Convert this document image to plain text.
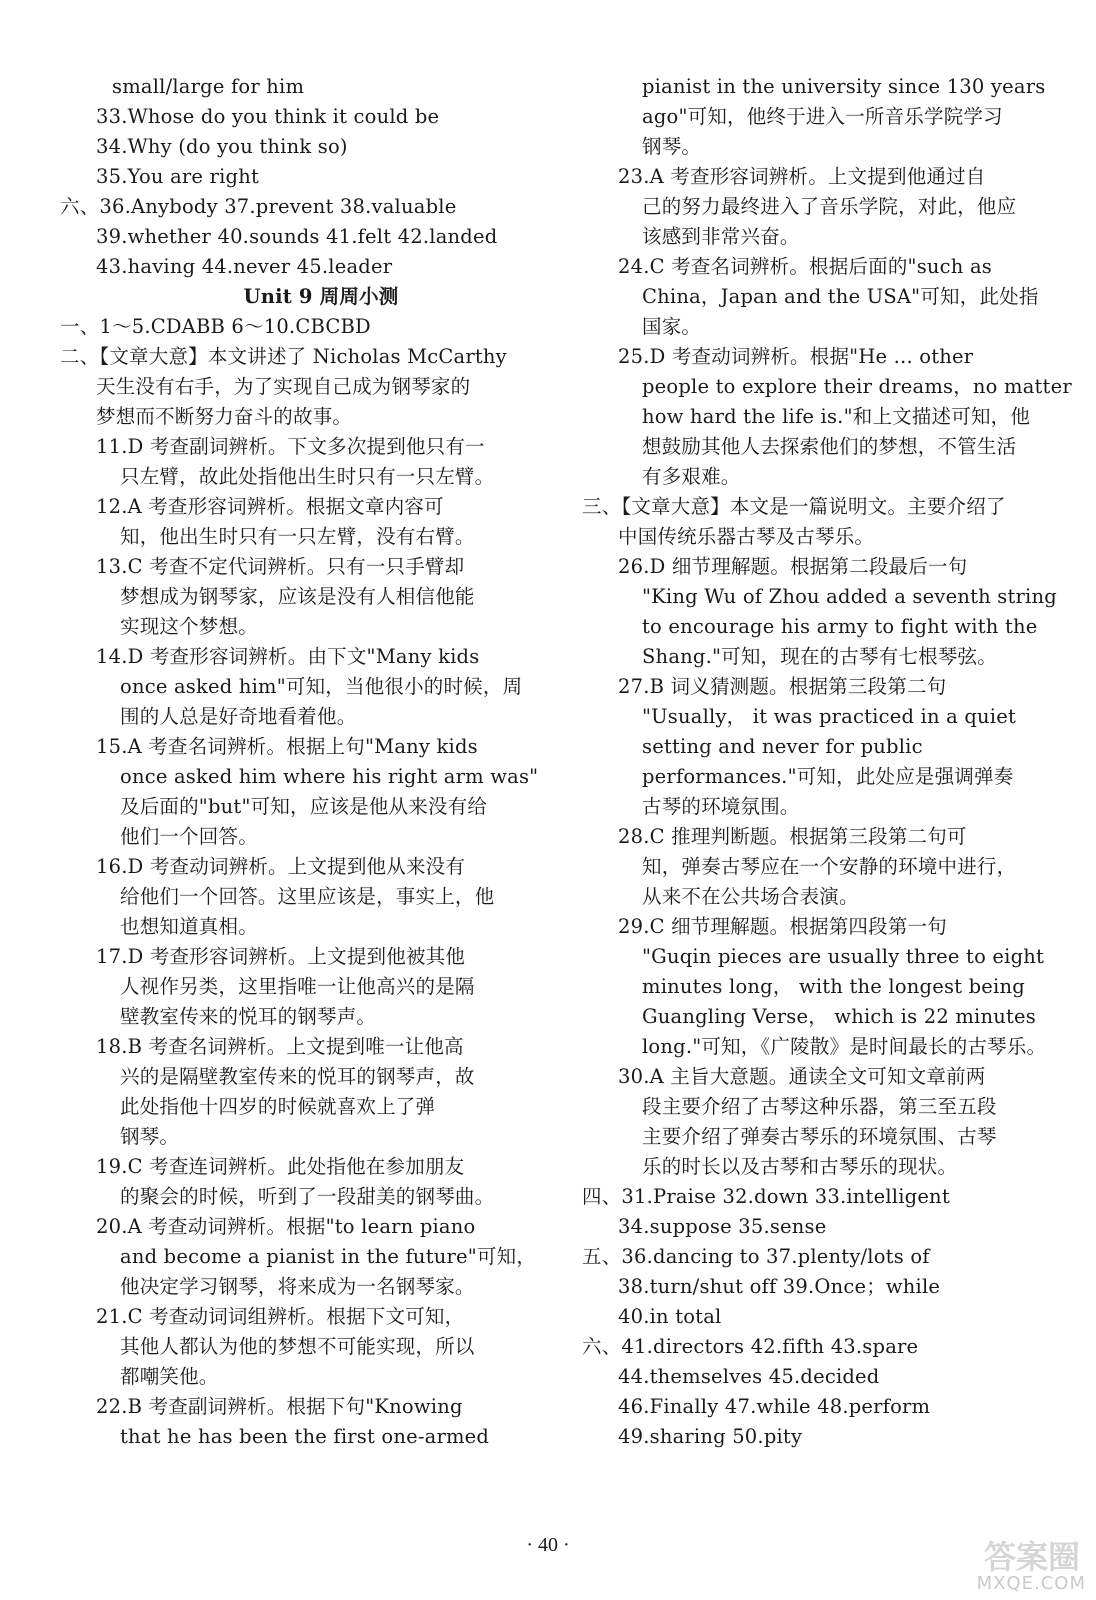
small/large for him
33.Whose do you think it could be
34.Why (do you think so)
35.You are right
六、36.Anybody 37.prevent 38.valuable
39.whether 40.sounds 41.felt 42.landed
43.having 44.never 45.leader
Unit 9 周周小测
一、1～5.CDABB 6～10.CBCBD
二、【文章大意】本文讲述了 Nicholas McCarthy
天生没有右手，为了实现自己成为钢琴家的
梦想而不断努力奋斗的故事。
11.D 考查副词辨析。下文多次提到他只有一
只左臂，故此处指他出生时只有一只左臂。
12.A 考查形容词辨析。根据文章内容可
知，他出生时只有一只左臂，没有右臂。
13.C 考查不定代词辨析。只有一只手臂却
梦想成为钢琴家，应该是没有人相信他能
实现这个梦想。
14.D 考查形容词辨析。由下文"Many kids
once asked him"可知，当他很小的时候，周
围的人总是好奇地看着他。
15.A 考查名词辨析。根据上句"Many kids
once asked him where his right arm was"
及后面的"but"可知，应该是他从来没有给
他们一个回答。
16.D 考查动词辨析。上文提到他从来没有
给他们一个回答。这里应该是，事实上，他
也想知道真相。
17.D 考查形容词辨析。上文提到他被其他
人视作另类，这里指唯一让他高兴的是隔
壁教室传来的悦耳的钢琴声。
18.B 考查名词辨析。上文提到唯一让他高
兴的是隔壁教室传来的悦耳的钢琴声，故
此处指他十四岁的时候就喜欢上了弹
钢琴。
19.C 考查连词辨析。此处指他在参加朋友
的聚会的时候，听到了一段甜美的钢琴曲。
20.A 考查动词辨析。根据"to learn piano
and become a pianist in the future"可知，
他决定学习钢琴，将来成为一名钢琴家。
21.C 考查动词词组辨析。根据下文可知，
其他人都认为他的梦想不可能实现，所以
都嘲笑他。
22.B 考查副词辨析。根据下句"Knowing
that he has been the first one-armed
pianist in the university since 130 years
ago"可知，他终于进入一所音乐学院学习
钢琴。
23.A 考查形容词辨析。上文提到他通过自
己的努力最终进入了音乐学院，对此，他应
该感到非常兴奋。
24.C 考查名词辨析。根据后面的"such as
China，Japan and the USA"可知，此处指
国家。
25.D 考查动词辨析。根据"He ... other
people to explore their dreams，no matter
how hard the life is."和上文描述可知，他
想鼓励其他人去探索他们的梦想，不管生活
有多艰难。
三、【文章大意】本文是一篇说明文。主要介绍了
中国传统乐器古琴及古琴乐。
26.D 细节理解题。根据第二段最后一句
"King Wu of Zhou added a seventh string
to encourage his army to fight with the
Shang."可知，现在的古琴有七根琴弦。
27.B 词义猜测题。根据第三段第二句
"Usually， it was practiced in a quiet
setting and never for public
performances."可知，此处应是强调弹奏
古琴的环境氛围。
28.C 推理判断题。根据第三段第二句可
知，弹奏古琴应在一个安静的环境中进行，
从来不在公共场合表演。
29.C 细节理解题。根据第四段第一句
"Guqin pieces are usually three to eight
minutes long， with the longest being
Guangling Verse， which is 22 minutes
long."可知，《广陵散》是时间最长的古琴乐。
30.A 主旨大意题。通读全文可知文章前两
段主要介绍了古琴这种乐器，第三至五段
主要介绍了弹奏古琴乐的环境氛围、古琴
乐的时长以及古琴和古琴乐的现状。
四、31.Praise 32.down 33.intelligent
34.suppose 35.sense
五、36.dancing to 37.plenty/lots of
38.turn/shut off 39.Once；while
40.in total
六、41.directors 42.fifth 43.spare
44.themselves 45.decided
46.Finally 47.while 48.perform
49.sharing 50.pity
· 40 ·	答案圈
MXQE.COM
